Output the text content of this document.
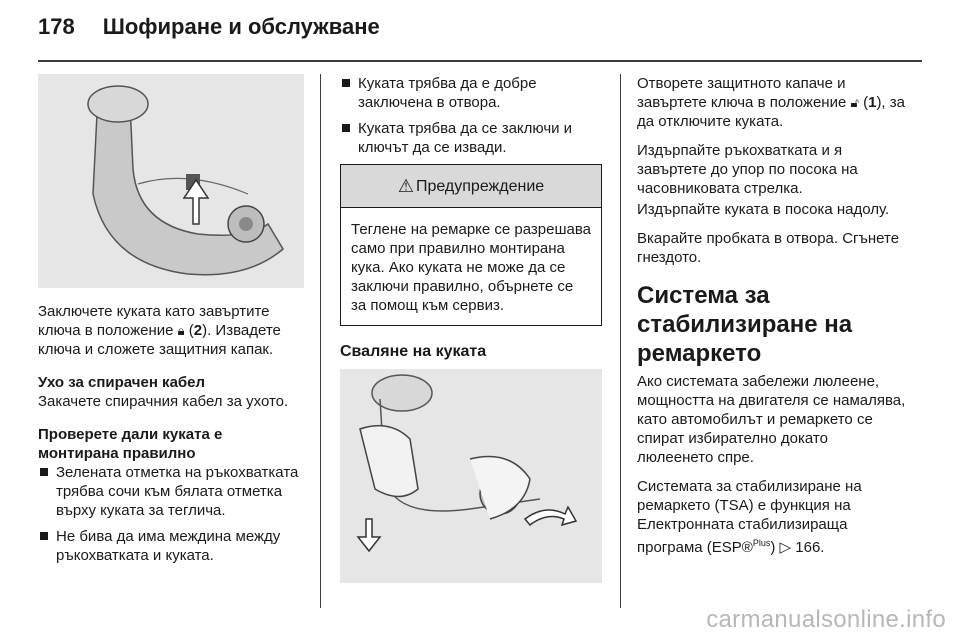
178 Шофиране и обслужване

Заключете куката като завъртите ключа в положение 🔒︎ (2). Извадете ключа и сложете защитния капак.

Ухо за спирачен кабел

Закачете спирачния кабел за ухото.

Проверете дали куката е монтирана правилно

Зелената отметка на ръкохватката трябва сочи към бялата отметка върху куката за теглича.
Не бива да има междина между ръкохватката и куката.
Куката трябва да е добре заключена в отвора.
Куката трябва да се заключи и ключът да се извади.
⚠ Предупреждение
Теглене на ремарке се разрешава само при правилно монтирана кука. Ако куката не може да се заключи правилно, обърнете се за помощ към сервиз.
Сваляне на куката

Отворете защитното капаче и завъртете ключа в положение 🔓︎ (1), за да отключите куката.

Издърпайте ръкохватката и я завъртете до упор по посока на часовниковата стрелка.

Издърпайте куката в посока надолу.

Вкарайте пробката в отвора. Сгънете гнездото.

Система за стабилизиране на ремаркето

Ако системата забележи люлеене, мощността на двигателя се намалява, като автомобилът и ремаркето се спират избирателно докато люлеенето спре.

Системата за стабилизиране на ремаркето (TSA) е функция на Електронната стабилизираща програма (ESP®$^{Plus}$) ▷ 166.

carmanualsonline.info
